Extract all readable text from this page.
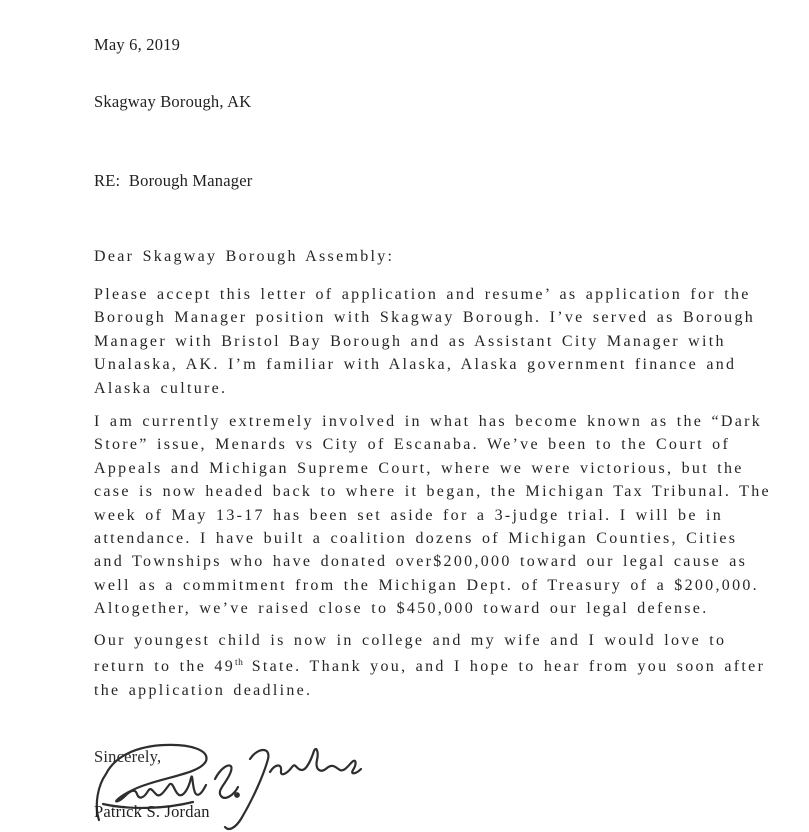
May 6, 2019
Skagway Borough, AK
RE:  Borough Manager
Dear Skagway Borough Assembly:
Please accept this letter of application and resume’ as application for the
Borough Manager position with Skagway Borough. I’ve served as Borough
Manager with Bristol Bay Borough and as Assistant City Manager with
Unalaska, AK. I’m familiar with Alaska, Alaska government finance and
Alaska culture.
I am currently extremely involved in what has become known as the “Dark
Store” issue, Menards vs City of Escanaba. We’ve been to the Court of
Appeals and Michigan Supreme Court, where we were victorious, but the
case is now headed back to where it began, the Michigan Tax Tribunal. The
week of May 13-17 has been set aside for a 3-judge trial. I will be in
attendance. I have built a coalition dozens of Michigan Counties, Cities
and Townships who have donated over$200,000 toward our legal cause as
well as a commitment from the Michigan Dept. of Treasury of a $200,000.
Altogether, we’ve raised close to $450,000 toward our legal defense.
Our youngest child is now in college and my wife and I would love to
return to the 49th State. Thank you, and I hope to hear from you soon after
the application deadline.
Sincerely,
Patrick S. Jordan
